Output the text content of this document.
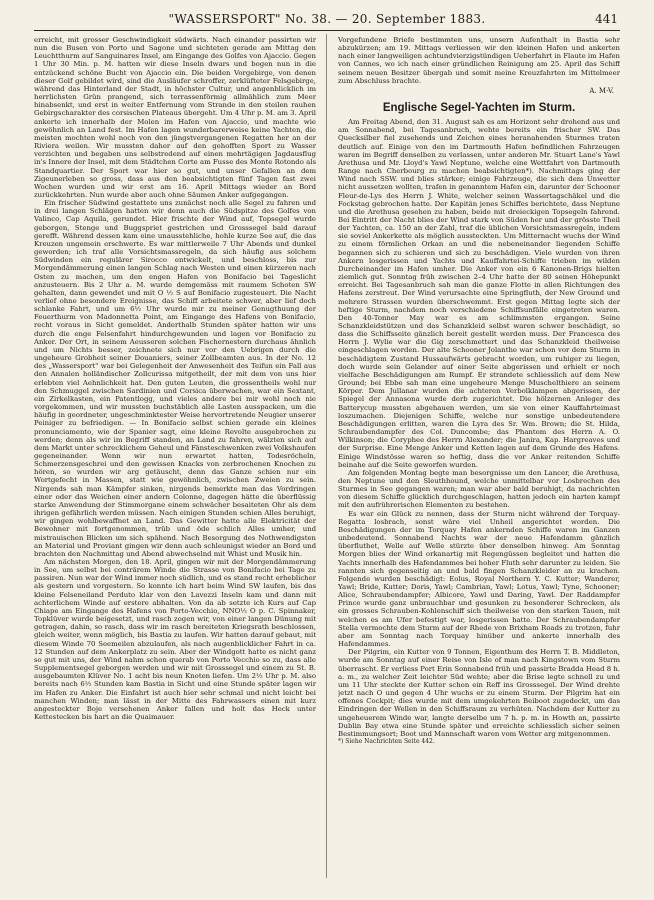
"WASSERSPORT" No. 38. — 20. September 1883.	441

erreicht, mit grosser Geschwindigkeit südwärts. Nach einander passirten wir nun die Busen von Porto und Sagone und sichteten gerade am Mittag den Leuchtthurm auf Sanguinares Insel, am Eingange des Golfes von Ajaccio. Gegen 1 Uhr 30 Min. p. M. hatten wir diese Inseln dwars und bogen nun in die entzückend schöne Bucht von Ajaccio ein. Die beiden Vorgebirge, von denen dieser Golf gebildet wird, sind die Ausläufer schroffer, zerklüfteter Felsgebirge, während das Hinterland der Stadt, in höchster Cultur, und angenblicklich im herrlichsten Grün prangend, sich terrassenförmig allmählich zum Meer hinabsenkt, und erst in weiter Entfernung vom Strande in den steilen rauhen Gebirgscharakter des corsischen Plateaus übergeht. Um 4 Uhr p. M. am 3. April ankerte ich innerhalb der Molen im Hafen von Ajaccio, und machte wie gewöhnlich an Land fest. Im Hafen lagen wunderbarerweise keine Yachten, die meisten mochten wohl noch von den jüngstvergangenen Regatten her an der Riviera weilen. Wir mussten daher auf den gehofften Sport zu Wasser verzichten und begaben uns selbstredend auf einen mehrtägigen Jagdausflug in's Innere der Insel, mit dem Städtchen Corte am Fusse des Monte Rotondo als Standquartier. Der Sport war hier so gut, und unser Gefallen an dem Zigeunerleben so gross, dass aus den beabsichtigten fünf Tagen fast zwei Wochen wurden und wir erst am 16. April Mittags wieder an Bord zurückkehrten. Nun wurde aber auch ohne Säumen Anker aufgegangen.

Ein frischer Südwind gestattete uns zunächst noch alle Segel zu fahren und in drei langen Schlägen hatten wir denn auch die Südspitze des Golfes von Valinco, Cap Aquila, gerundet. Hier frischte der Wind auf, Topsegel wurde geborgen, Stenge und Buggspriet gestrichen und Grosssegel bald darauf gerefft. Während dessen kam eine unausstehliche, hohle kurze See auf, die das Kreuzen ungemein erschwerte. Es war mittlerweile 7 Uhr Abends und dunkel geworden; ich traf alle Vorsichtsmassregeln, da sich häufig aus solchem Südwinden ein regulärer Sirocco entwickelt, und beschloss, bis zur Morgendämmerung einen langen Schlag nach Westen und einen kürzeren nach Osten zu machen, um den engen Hafen von Bonifacio bei Tageslicht anzusteuern. Bis 2 Uhr a. M. wurde demgemäss mit raumem Schoten SW gehalten, dann gewendet und mit O ½ S auf Bonifacio zugesteuert. Die Nacht verlief ohne besondere Ereignisse, das Schiff arbeitete schwer, aber lief doch schlanke Fahrt, und um 6½ Uhr wurde mir zu meiner Genugthuung der Feuerthurm von Madonnetta Point, am Eingange des Hafens von Bonifacio, recht voraus in Sicht gemeldet. Anderthalb Stunden später hatten wir uns durch die enge Felsenfahrt hindurchgewunden und lagen vor Bonifacio zu Anker. Der Ort, in seinem Aeusseren solchen Fischernestern durchaus ähnlich und um Nichts besser, zeichnete sich nur vor den Uebrigen durch die ungeheure Grobheit seiner Douaniers, seiner Zollbeamten aus. In der No. 12 des „Wassersport" war bei Gelegenheit der Anwesenheit des Teifun ein Fall aus den Annalen holländischer Zollcurissa mitgetheilt, der mit dem von uns hier erlebten viel Aehnlichkeit hat. Den guten Leuten, die grossentheils wohl nur den Schmuggel zwischen Sardinien und Corsica überwachen, war ein Sextant, ein Zirkelkasten, ein Patentlogg, und vieles andere bei mir wohl noch nie vorgekommen, und wir mussten buchstäblich alle Lasten ausspacken, um die häufig in geordneter, ungeschminktester Weise hervortretende Neugier unserer Peiniger zu befriedigen. — In Bonifacio selbst schien gerade ein kleines pronunciamento, wie der Spanier sagt, eine kleine Revolte ausgebrochen zu werden; denn als wir im Begriff standen, an Land zu fahren, wälzten sich auf dem Markt unter schrecklichem Geheul und Fänsteschwenken zwei Volkshaufen gegeneinander. Wenn wir nun erwartet hatten, Todesröcheln, Schmerzensgeschrei und den gewissen Knacks von zerbrochenen Knochen zu hören, so wurden wir arg getäuscht, denn das Ganze schien nur ein Wortgefecht in Massen, statt wie gewöhnlich, zwischen Zweien zu sein. Nirgends sah man Kämpfer sinken, nirgends bemerkte man das Vordringen einer oder das Weichen einer andern Colonne, dagegen hätte die überflüssig starke Anwendung der Stimmorgane einem schwächer besaiteten Ohr als dem ihrigen gefährlich werden müssen. Nach einigen Stunden schien Alles beruhigt, wir gingen wohlbewaffnet an Land. Das Gewitter hatte alle Elektricität der Bewohner mit fortgenommen, trüb und öde schlich Alles umher, und mistrauischen Blicken um sich spähend. Nach Besorgung des Nothwendigsten an Material und Proviant gingen wir denn auch schleunigst wieder an Bord und brachten den Nachmittag und Abend abwechselnd mit Whist und Musik hin.

Am nächsten Morgen, den 18. April, gingen wir mit der Morgendämmerung in See, um selbst bei conträrem Winde die Strasse von Bonifacio bei Tage zu passiren. Nun war der Wind immer noch südlich, und es stand recht erheblicher als gestern und vorgestern. So konnte ich hart beim Wind SW laufen, bis das kleine Felseneiland Perduto klar von den Lavezzi Inseln kam und dann mit achterlichem Winde auf erstere abhalten. Von da ab setzte ich Kurs auf Cap Chiape am Eingange des Hafens von Porto-Vecchio, NNO½ O p. C. Spinnaker, Topklüver wurde beigesetzt, und rasch zogen wir, von einer langen Dünung mit getragen, dahin, so rasch, dass wir im rasch bereiteten Kriegsrath beschlossen, gleich weiter, wenn möglich, bis Bastia zu laufen. Wir hatten darauf gebaut, mit diesem Winde 70 Seemeilen abzulaufen, als nach augenblicklicher Fahrt in ca. 12 Stunden auf dem Ankerplatz zu sein. Aber der Windgott hatte es nicht ganz so gut mit uns, der Wind nahm schon querab von Porto Vecchio so zu, dass alle Supplementsegel geborgen werden und wir mit Grosssegel und einem zu St. B. ausgebaumten Klüver No. 1 acht bis neun Knoten liefen. Um 2½ Uhr p. M. also bereits nach 6½ Stunden kam Bastia in Sicht und eine Stunde später lagen wir im Hafen zu Anker. Die Einfahrt ist auch hier sehr schmal und nicht leicht bei manchen Winden; man lässt in der Mitte des Fahrwassers einen mit kurz angesteckter Boje versehenen Anker fallen und holt das Heck unter Kettestecken bis hart an die Quaimauer.

Vorgefundene Briefe bestimmten uns, unsern Aufenthalt in Bastia sehr abzukürzen; am 19. Mittags verliessen wir den kleinen Hafen und ankerten nach einer langweiligen achtundvierzigstündigen Ueberfahrt in Flaute im Hafen von Cannes, wo ich nach einer gründlichen Reinigung am 25. April das Schiff seinem neuen Besitzer übergab und somit meine Kreuzfahrten im Mittelmeer zum Abschluss brachte.

A. M-V.
Englische Segel-Yachten im Sturm.

Am Freitag Abend, den 31. August sah es am Horizont sehr drohend aus und am Sonnabend, bei Tagesanbruch, wehte bereits ein frischer SW. Das Quecksilber fiel zusehends und Zeichen eines heranahenden Sturmes traten deutlich auf. Einige von den im Dartmouth Hafen befindlichen Fahrzeugen waren im Begriff denselben zu verlassen, unter anderen Mr. Stuart Lane's Yawl Arethusa und Mr. Lloyd's Yawl Neptune, welche eine Wettfahrt von Dartmouth Range nach Cherbourg zu machen beabsichtigten*). Nachmittags ging der Wind nach SSW. und blies stärker; einige Fahrzeuge, die sich dem Unwetter nicht aussetzen wollten, trafen in genanntem Hafen ein, darunter der Schooner Fleur-de-Lys des Herrn J. White, welcher seinen Wassertagschäkel und die Fockstag gebrochen hatte. Der Kapitän jenes Schiffes berichtete, dass Neptune und die Arethusa gesehen zu haben, beide mit dreieckigen Topsegeln fahrend. Bei Eintritt der Nacht blies der Wind stark von Süden her und der grösste Theil der Yachten, ca. 150 an der Zahl, traf die üblichen Vorsichtsmassregeln, indem sie soviel Ankerkette als möglich aussteckten. Um Mitternacht wuchs der Wind zu einem förmlichen Orkan an und die nebeneinander liegenden Schiffe begannen sich zu schieren und sich zu beschädigen. Viele wurden von ihren Ankern losgerissen und Yachts und Kauffahrtei-Schiffe trieben im wilden Durcheinander im Hafen umher. Die Anker von ein 6 Kanonen-Brigs hielten ziemlich gut. Sonntag früh zwischen 2–4 Uhr hatte der 80 seinen Höhepunkt erreicht. Bei Tagesanbruch sah man die ganze Flotte in allen Richtungen des Hafens zerstreut. Der Wind verursachte eine Springfluth, der New Ground und mehrere Strassen wurden überschwemmt. Erst gegen Mittag legte sich der heftige Sturm, nachdem noch verschiedene Schiffsunfälle eingetreten waren. Den 40-Tonner May war es am schlimmsten ergangen. Seine Schanzkleidstützen und das Schanzkleid selbst waren schwer beschädigt, so dass die Schiffsseite gänzlich bereit gestellt werden muss. Der Francesca des Herrn J. Wylie war die Gig zerschmettert und das Schanzkleid theilweise eingeschlagen worden. Der alte Schooner Jolanthe war schon vor dem Sturm in beschädigtem Zustand Hussaufwärts gebracht worden, um ruhiger zu liegen, doch wurde sein Gelander auf einer Seite abgerissen und erhielt er noch vielfache Beschädigungen am Rumpf. Er strandete schliesslich auf dem New Ground; bei Ebbe sah man eine ungeheure Menge Muschelthiere an seinem Körper. Dem Jullanar wurden die achteren Verbolklampen abgerissen, der Spiegel der Annasona wurde derb zugerichtet. Die hölzernen Anleger des Batterycup mussten abgehauen werden, um sie von einer Kauffahrteimast loszumachen. Diejenigen Schiffe, welche nur sonstige unbedeutendere Beschädigungen erlitten, waren die Lyra des Sr. Wm. Brown; die St. Hilda, Schraubendampfer des Col. Duncombe; das Phantom des Herrn A. O. Wilkinson; die Coryphee des Herrn Alexander; die Janira, Kap. Hargreaves und der Surprise. Eine Menge Anker und Ketten lagen auf dem Grunde des Hafens. Einige Windstösse waren so heftig, dass die vor Anker reitenden Schiffe beinahe auf die Seite geworfen wurden.

Am folgenden Montag begte man besorgnisse um den Lancer, die Arethusa, den Neptune und den Sleuthhound, welche unmittelbar vor Losbrechen des Sturmes in See gegangen waren; man war aber bald beruhigt, da nachrichten von diesem Schiffe glücklich durchgeschlagen, hatten jedoch ein harten kampf mit den aufrührerischen Elementen zu bestehen.

Es war ein Glück zu nennen, dass der Sturm nicht während der Torquay-Regatta losbrach, sonst wäre viel Unheil angerichtet worden. Die Beschädigungen der im Torquay Hafen ankernden Schiffe waren im Ganzen unbedeutend. Sonnabend Nachts war der neue Hafendamm gänzlich überfluthet, Welle auf Welle stürzte über denselben hinweg. Am Sonntag Morgen blies der Wind orkanartig mit Regengüssen begleitet und hatten die Yachts innerhalb des Hafendammes bei hoher Fluth sehr darunter zu leiden. Sie rannten sich gegenseitig an und bald fingen Schanzkleider an zu krachen. Folgende wurden beschädigt: Eolus, Royal Northern Y. C. Kutter; Wanderer, Yawl; Bride, Kutter; Doris, Yawl; Cambrian, Yawl; Lotus, Yawl; Tyne, Schooner; Alice, Schraubendampfer; Albicore, Yawl und Daring, Yawl. Der Raddampfer Prince wurde ganz unbrauchbar und gesunken zu besonderer Schrecken, als ein grosses Schrauben-Kohlenschiff sich theilweise von den starken Tauen, mit welchen es am Ufer befestigt war, losgerissen hatte. Der Schraubendampfer Stella vermochte dem Sturm auf der Rhede von Brixham Roads zu trotzen, fuhr aber am Sonntag nach Torquay hinüber und ankerte innerhalb des Hafendammes.

Der Pilgrim, ein Kutter von 9 Tonnen, Eigenthum des Herrn T. B. Middleton, wurde am Sonntag auf einer Reise von Isle of man nach Kingstown vom Sturm überrascht. Er verliess Port Erin Sonnabend früh und passirte Bradda Head 8 h. a. m., zu welcher Zeit leichter Süd wehte; aber die Brise legte schnell zu und um 11 Uhr steckte der Kutter schon ein Reff ins Grosssegel. Der Wind drehte jetzt nach O und gegen 4 Uhr wuchs er zu einem Sturm. Der Pilgrim hat ein offenes Cockpit; dies wurde mit dem umgekehrten Beiboot zugedeckt, um das Eindringen der Wellen in den Schiffsraum zu verhüten. Nachdem der Kutter zu ungeheuerem Winde war, langte derselbe um 7 h. p. m. in Howth an, passirte Dublin Bay etwa eine Stunde später und erreichte schliesslich sicher seinen Bestimmungsort; Boot und Mannschaft waren vom Wetter arg mitgenommen.

*) Siehe Nachrichten Seite 442.
